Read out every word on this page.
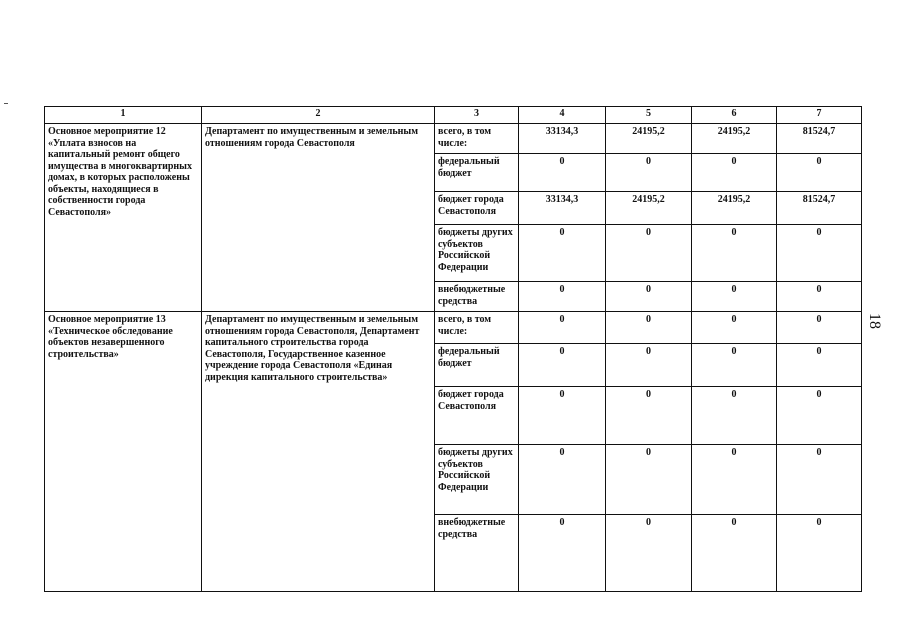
1	2	3	4	5	6	7
Основное мероприятие 12 «Уплата взносов на капитальный ремонт общего имущества в многоквартирных домах, в которых расположены объекты, находящиеся в собственности города Севастополя»	Департамент по имущественным и земельным отношениям города Севастополя	всего, в том числе:	33134,3	24195,2	24195,2	81524,7
		федеральный бюджет	0	0	0	0
		бюджет города Севастополя	33134,3	24195,2	24195,2	81524,7
		бюджеты других субъектов Российской Федерации	0	0	0	0
		внебюджетные средства	0	0	0	0
Основное мероприятие 13 «Техническое обследование объектов незавершенного строительства»	Департамент по имущественным и земельным отношениям города Севастополя, Департамент капитального строительства города Севастополя, Государственное казенное учреждение города Севастополя «Единая дирекция капитального строительства»	всего, в том числе:	0	0	0	0
		федеральный бюджет	0	0	0	0
		бюджет города Севастополя	0	0	0	0
		бюджеты других субъектов Российской Федерации	0	0	0	0
		внебюджетные средства	0	0	0	0
18
